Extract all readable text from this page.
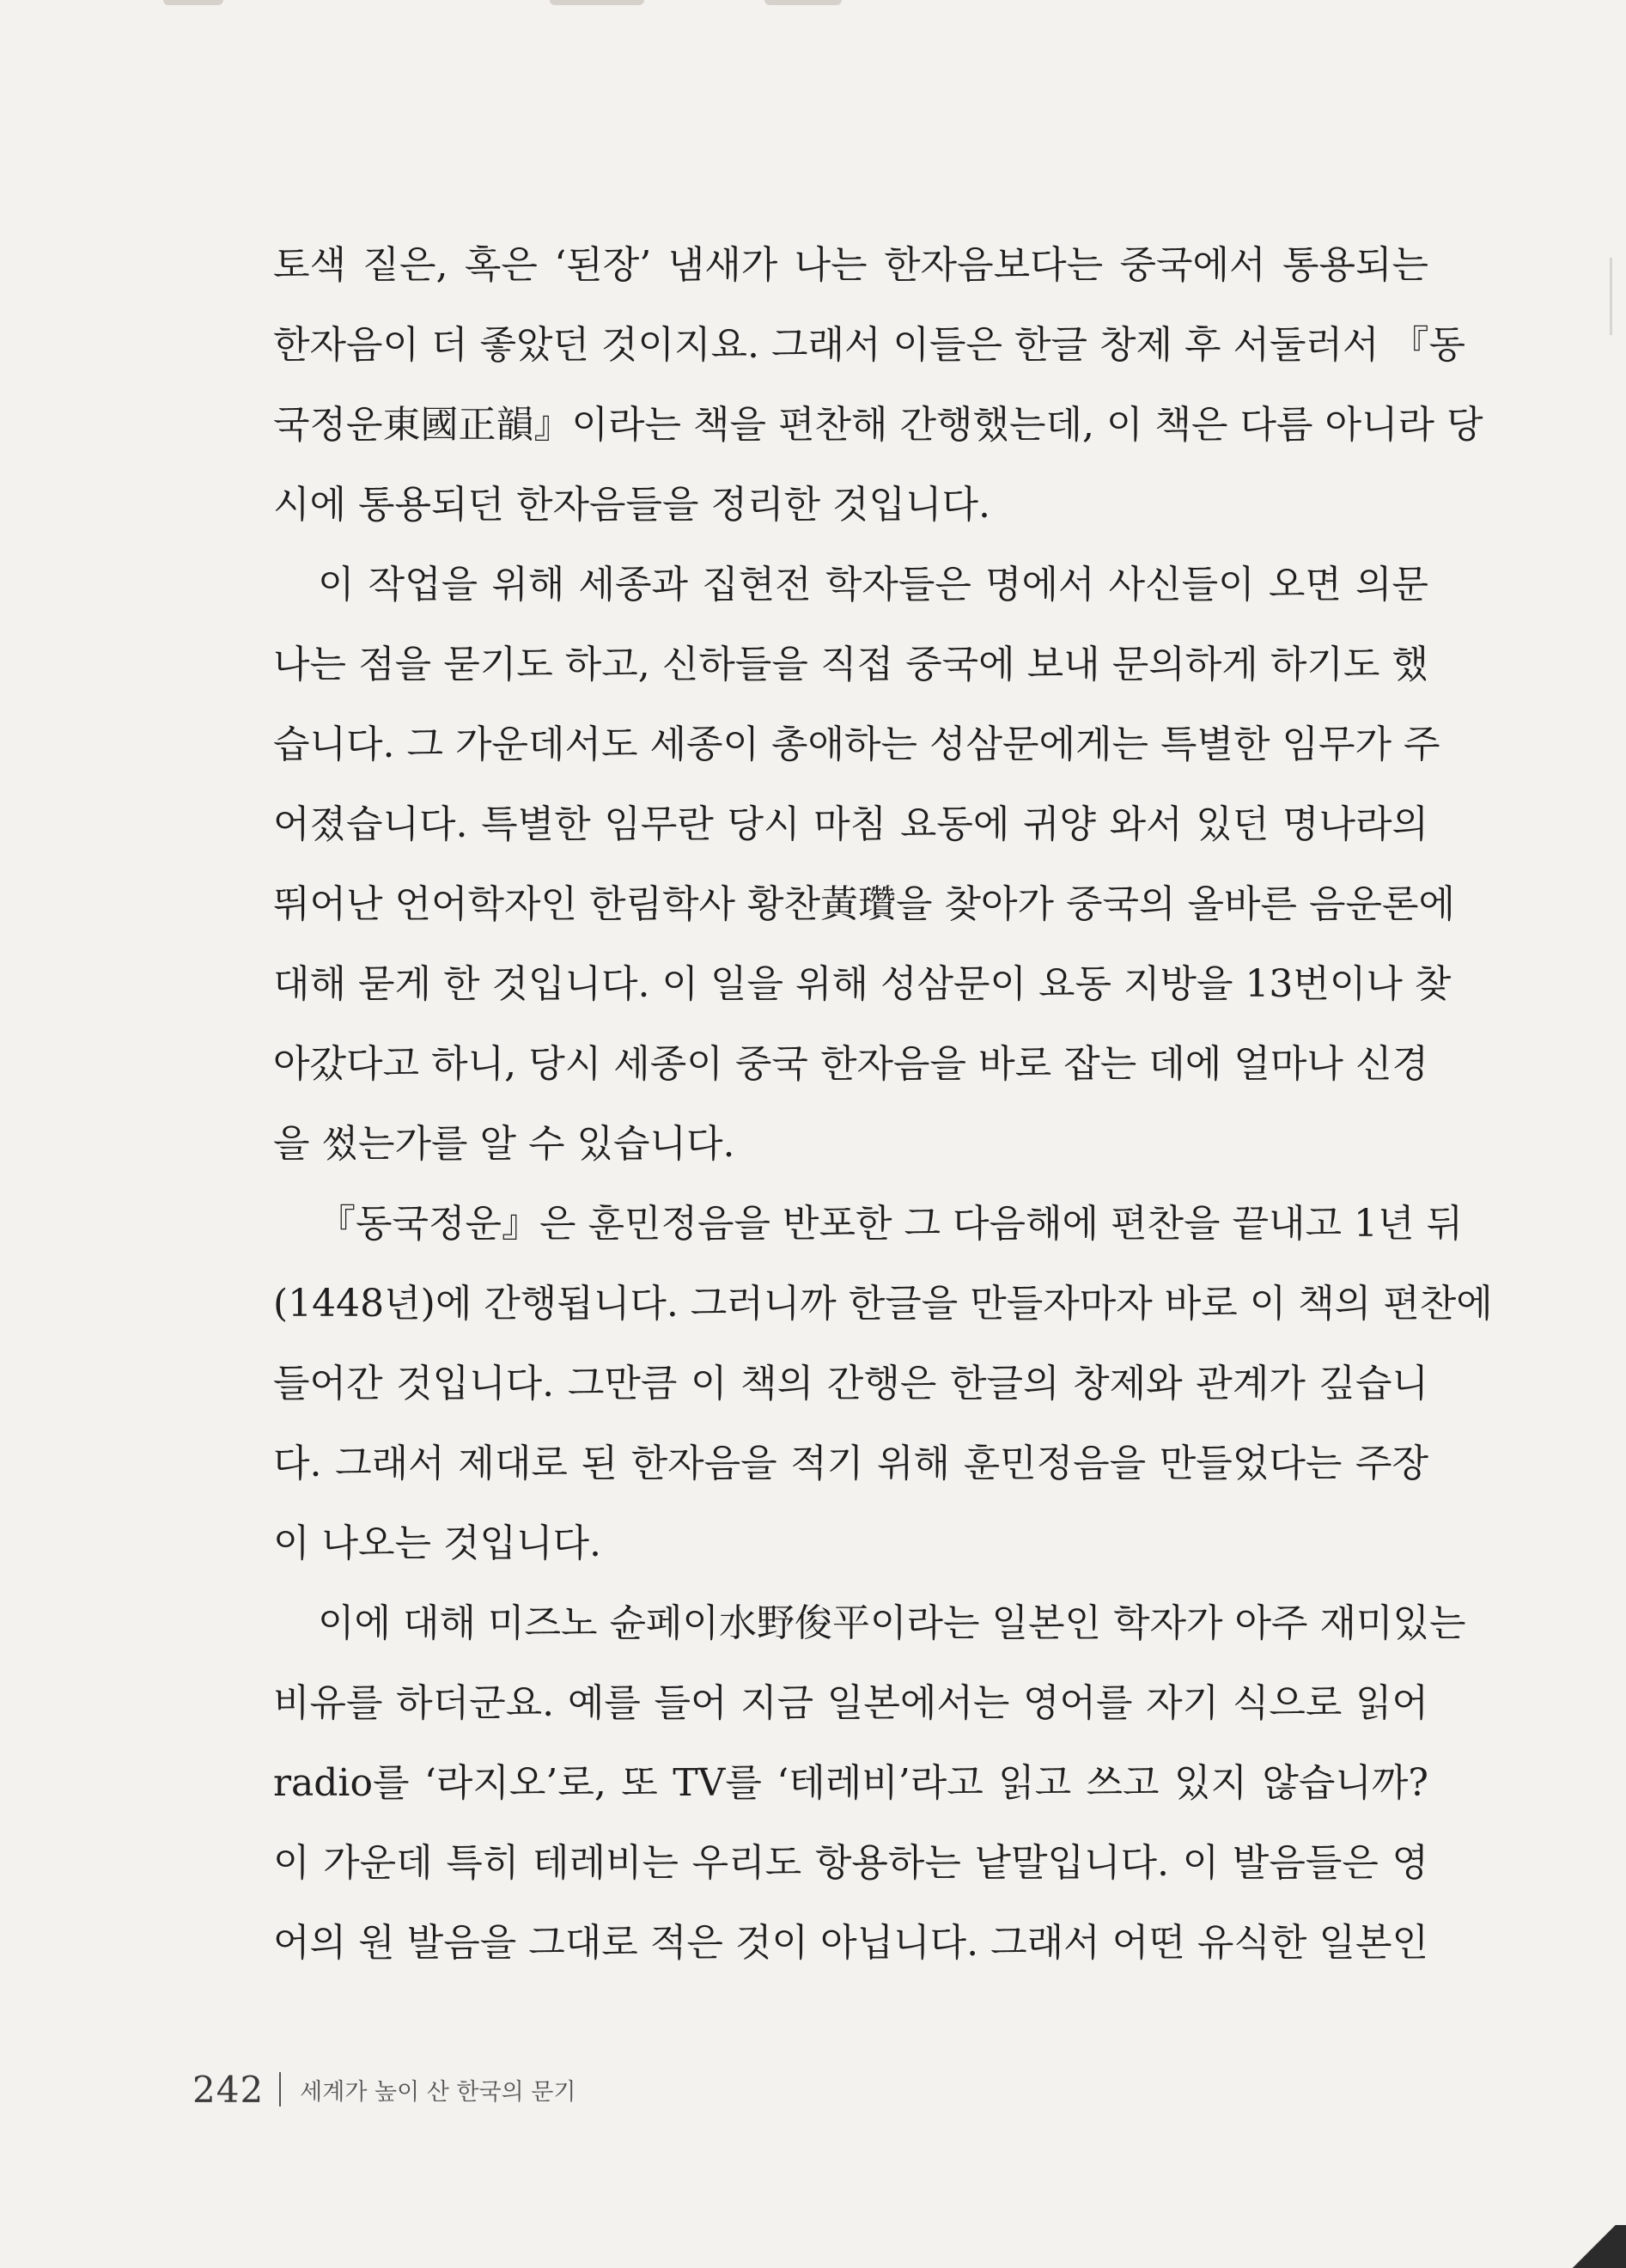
토색 짙은, 혹은 ‘된장’ 냄새가 나는 한자음보다는 중국에서 통용되는
한자음이 더 좋았던 것이지요. 그래서 이들은 한글 창제 후 서둘러서 『동
국정운東國正韻』이라는 책을 편찬해 간행했는데, 이 책은 다름 아니라 당
시에 통용되던 한자음들을 정리한 것입니다.
이 작업을 위해 세종과 집현전 학자들은 명에서 사신들이 오면 의문
나는 점을 묻기도 하고, 신하들을 직접 중국에 보내 문의하게 하기도 했
습니다. 그 가운데서도 세종이 총애하는 성삼문에게는 특별한 임무가 주
어졌습니다. 특별한 임무란 당시 마침 요동에 귀양 와서 있던 명나라의
뛰어난 언어학자인 한림학사 황찬黃瓚을 찾아가 중국의 올바른 음운론에
대해 묻게 한 것입니다. 이 일을 위해 성삼문이 요동 지방을 13번이나 찾
아갔다고 하니, 당시 세종이 중국 한자음을 바로 잡는 데에 얼마나 신경
을 썼는가를 알 수 있습니다.
『동국정운』은 훈민정음을 반포한 그 다음해에 편찬을 끝내고 1년 뒤
(1448년)에 간행됩니다. 그러니까 한글을 만들자마자 바로 이 책의 편찬에
들어간 것입니다. 그만큼 이 책의 간행은 한글의 창제와 관계가 깊습니
다. 그래서 제대로 된 한자음을 적기 위해 훈민정음을 만들었다는 주장
이 나오는 것입니다.
이에 대해 미즈노 슌페이水野俊平이라는 일본인 학자가 아주 재미있는
비유를 하더군요. 예를 들어 지금 일본에서는 영어를 자기 식으로 읽어
radio를 ‘라지오’로, 또 TV를 ‘테레비’라고 읽고 쓰고 있지 않습니까?
이 가운데 특히 테레비는 우리도 항용하는 낱말입니다. 이 발음들은 영
어의 원 발음을 그대로 적은 것이 아닙니다. 그래서 어떤 유식한 일본인
242 세계가 높이 산 한국의 문기
